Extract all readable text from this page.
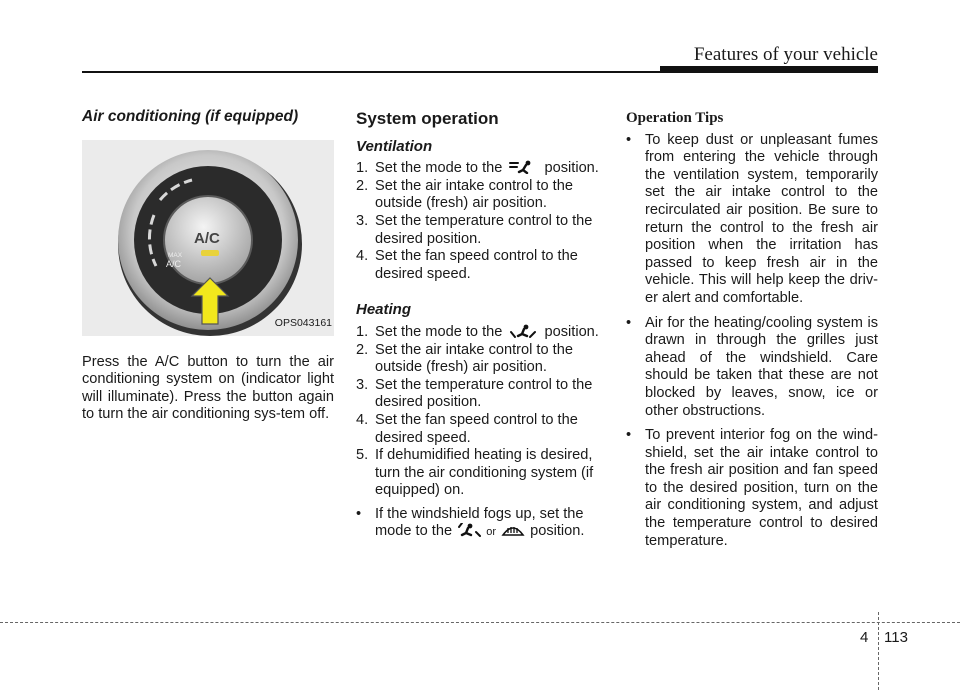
Features of your vehicle
Air conditioning (if equipped)
A/C
MAX
A/C
OPS043161

Press the A/C button to turn the air conditioning system on (indicator light will illuminate). Press the button again to turn the air conditioning sys-tem off.

System operation
Ventilation
1. Set the mode to the	position.
2. Set the air intake control to the outside (fresh) air position.
3. Set the temperature control to the desired position.
4. Set the fan speed control to the desired speed.
Heating
1. Set the mode to the	position.
2. Set the air intake control to the outside (fresh) air position.
3. Set the temperature control to the desired position.
4. Set the fan speed control to the desired speed.
5. If dehumidified heating is desired, turn the air conditioning system (if equipped) on.
• If the windshield fogs up, set the mode to the	or position.
Operation Tips
• To keep dust or unpleasant fumes from entering the vehicle through the ventilation system, temporarily set the air intake control to the recirculated air position. Be sure to return the control to the fresh air position when the irritation has passed to keep fresh air in the vehicle. This will help keep the driv-er alert and comfortable.
• Air for the heating/cooling system is drawn in through the grilles just ahead of the windshield. Care should be taken that these are not blocked by leaves, snow, ice or other obstructions.
• To prevent interior fog on the wind-shield, set the air intake control to the fresh air position and fan speed to the desired position, turn on the air conditioning system, and adjust the temperature control to desired temperature.
4 113
